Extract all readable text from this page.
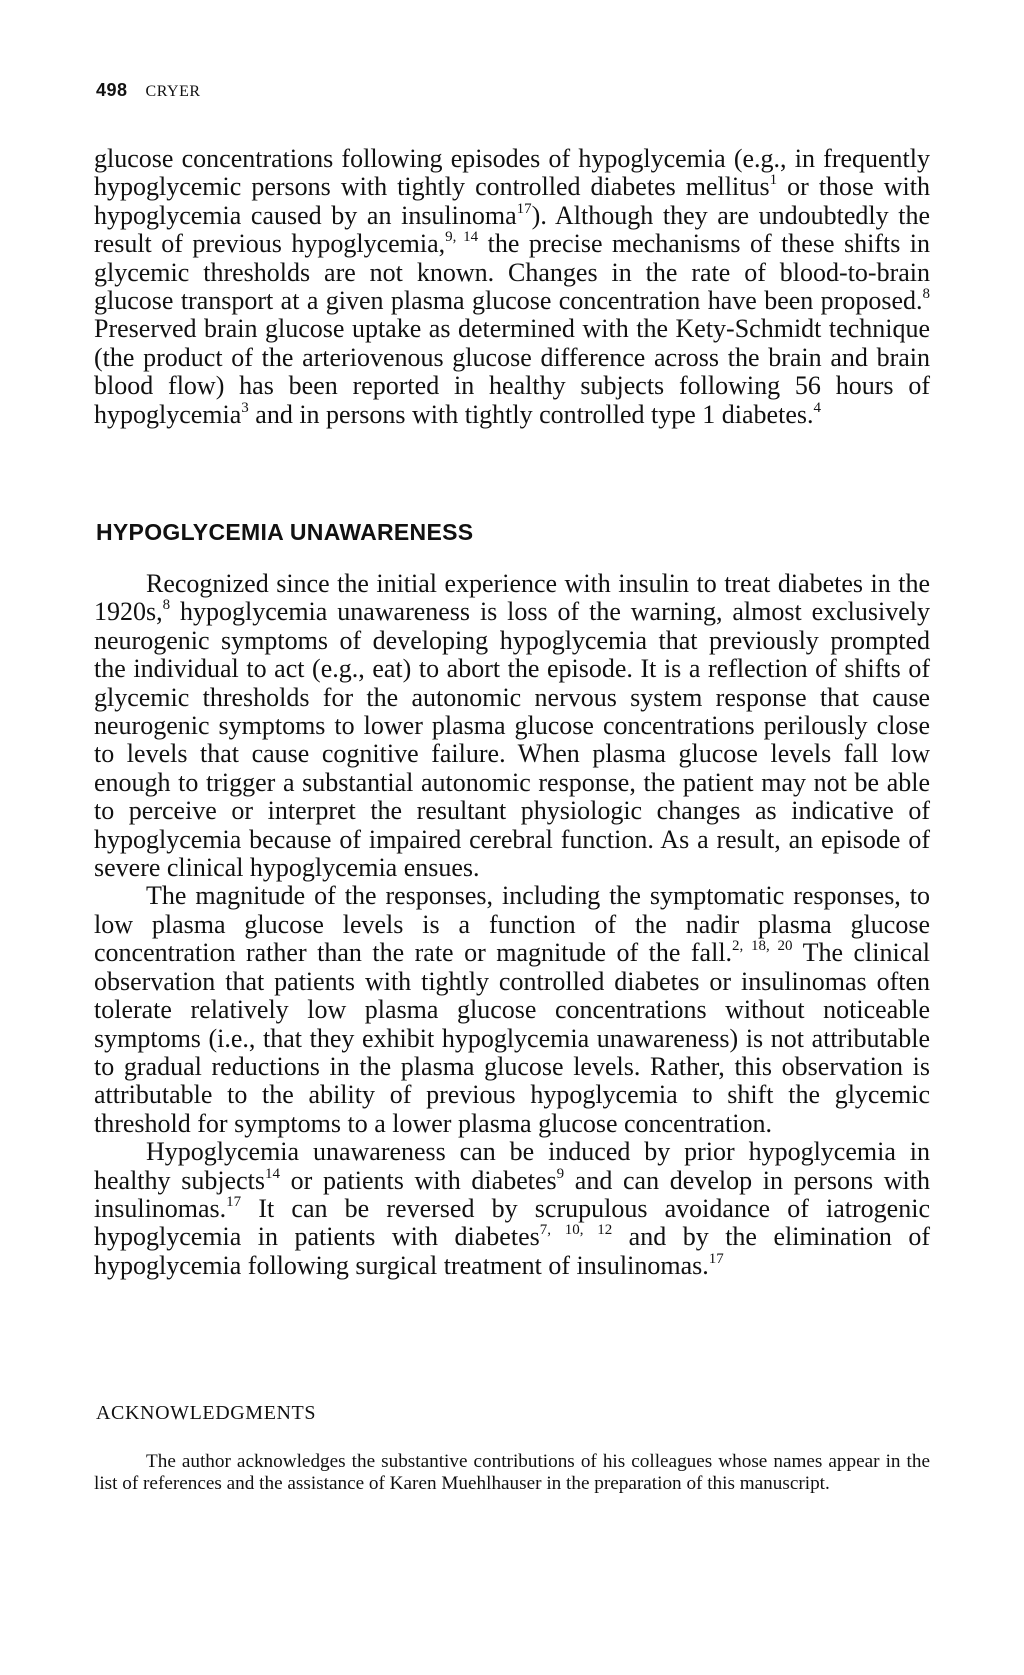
498 CRYER

glucose concentrations following episodes of hypoglycemia (e.g., in frequently hypoglycemic persons with tightly controlled diabetes mellitus$^1$ or those with hypoglycemia caused by an insulinoma$^{17}$). Although they are undoubtedly the result of previous hypoglycemia,$^{9, 14}$ the precise mechanisms of these shifts in glycemic thresholds are not known. Changes in the rate of blood-to-brain glucose transport at a given plasma glucose concentration have been proposed.$^8$ Preserved brain glucose uptake as determined with the Kety-Schmidt technique (the product of the arteriovenous glucose difference across the brain and brain blood flow) has been reported in healthy subjects following 56 hours of hypoglycemia$^3$ and in persons with tightly controlled type 1 diabetes.$^4$

HYPOGLYCEMIA UNAWARENESS

Recognized since the initial experience with insulin to treat diabetes in the 1920s,$^8$ hypoglycemia unawareness is loss of the warning, almost exclusively neurogenic symptoms of developing hypoglycemia that previously prompted the individual to act (e.g., eat) to abort the episode. It is a reflection of shifts of glycemic thresholds for the autonomic nervous system response that cause neurogenic symptoms to lower plasma glucose concentrations perilously close to levels that cause cognitive failure. When plasma glucose levels fall low enough to trigger a substantial autonomic response, the patient may not be able to perceive or interpret the resultant physiologic changes as indicative of hypoglycemia because of impaired cerebral function. As a result, an episode of severe clinical hypoglycemia ensues.

The magnitude of the responses, including the symptomatic responses, to low plasma glucose levels is a function of the nadir plasma glucose concentration rather than the rate or magnitude of the fall.$^{2, 18, 20}$ The clinical observation that patients with tightly controlled diabetes or insulinomas often tolerate relatively low plasma glucose concentrations without noticeable symptoms (i.e., that they exhibit hypoglycemia unawareness) is not attributable to gradual reductions in the plasma glucose levels. Rather, this observation is attributable to the ability of previous hypoglycemia to shift the glycemic threshold for symptoms to a lower plasma glucose concentration.

Hypoglycemia unawareness can be induced by prior hypoglycemia in healthy subjects$^{14}$ or patients with diabetes$^9$ and can develop in persons with insulinomas.$^{17}$ It can be reversed by scrupulous avoidance of iatrogenic hypoglycemia in patients with diabetes$^{7, 10, 12}$ and by the elimination of hypoglycemia following surgical treatment of insulinomas.$^{17}$

ACKNOWLEDGMENTS

The author acknowledges the substantive contributions of his colleagues whose names appear in the list of references and the assistance of Karen Muehlhauser in the preparation of this manuscript.
